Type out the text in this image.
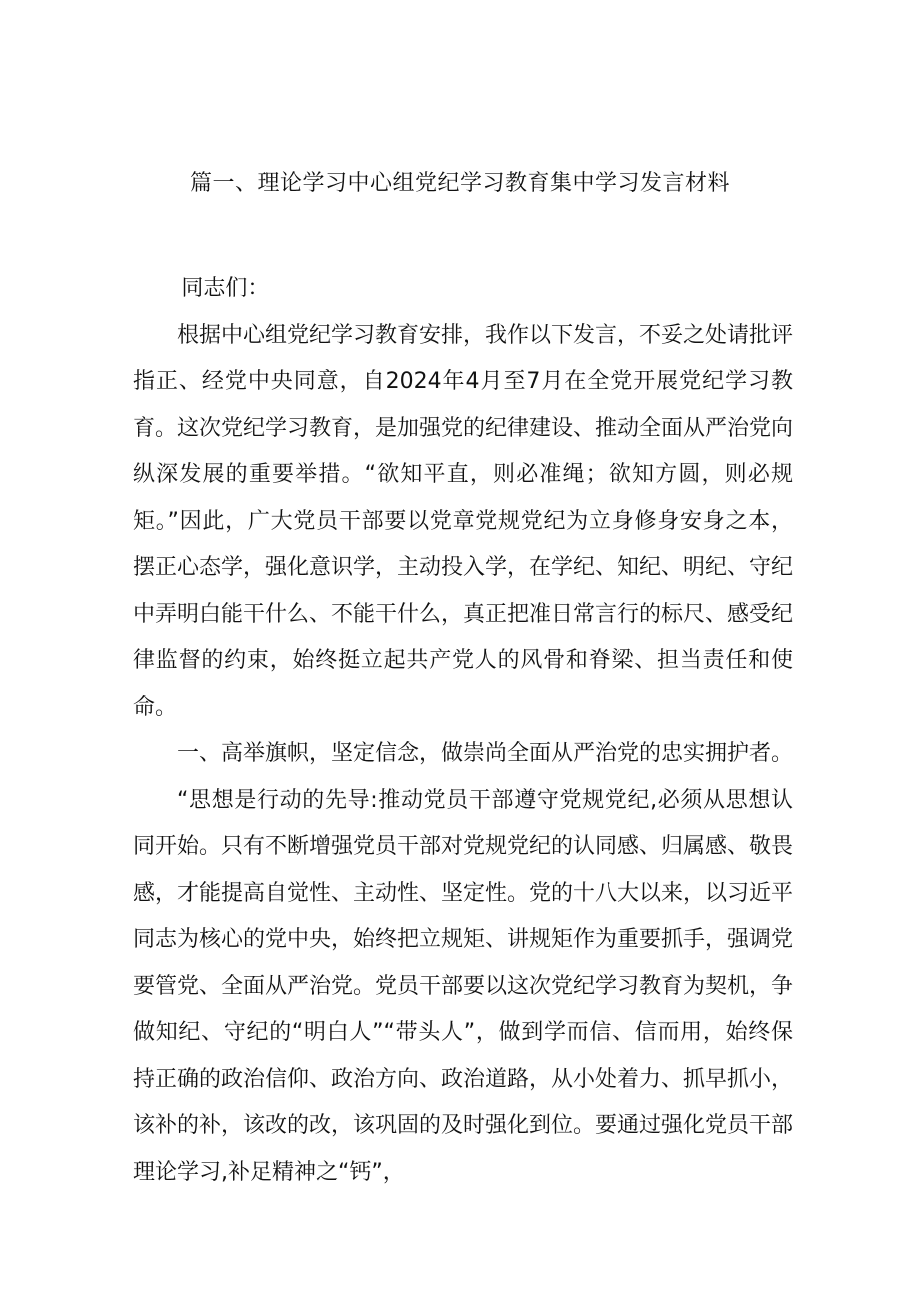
篇一、理论学习中心组党纪学习教育集中学习发言材料

同志们：

根据中心组党纪学习教育安排，我作以下发言，不妥之处请批评指正、经党中央同意，自2024年4月至7月在全党开展党纪学习教育。这次党纪学习教育，是加强党的纪律建设、推动全面从严治党向纵深发展的重要举措。“欲知平直，则必准绳；欲知方圆，则必规矩。”因此，广大党员干部要以党章党规党纪为立身修身安身之本，摆正心态学，强化意识学，主动投入学，在学纪、知纪、明纪、守纪中弄明白能干什么、不能干什么，真正把准日常言行的标尺、感受纪律监督的约束，始终挺立起共产党人的风骨和脊梁、担当责任和使命。

一、高举旗帜，坚定信念，做崇尚全面从严治党的忠实拥护者。

“思想是行动的先导:推动党员干部遵守党规党纪,必须从思想认同开始。只有不断增强党员干部对党规党纪的认同感、归属感、敬畏感，才能提高自觉性、主动性、坚定性。党的十八大以来，以习近平同志为核心的党中央，始终把立规矩、讲规矩作为重要抓手，强调党要管党、全面从严治党。党员干部要以这次党纪学习教育为契机，争做知纪、守纪的“明白人”“带头人”，做到学而信、信而用，始终保持正确的政治信仰、政治方向、政治道路，从小处着力、抓早抓小，该补的补，该改的改，该巩固的及时强化到位。要通过强化党员干部理论学习,补足精神之“钙”，
